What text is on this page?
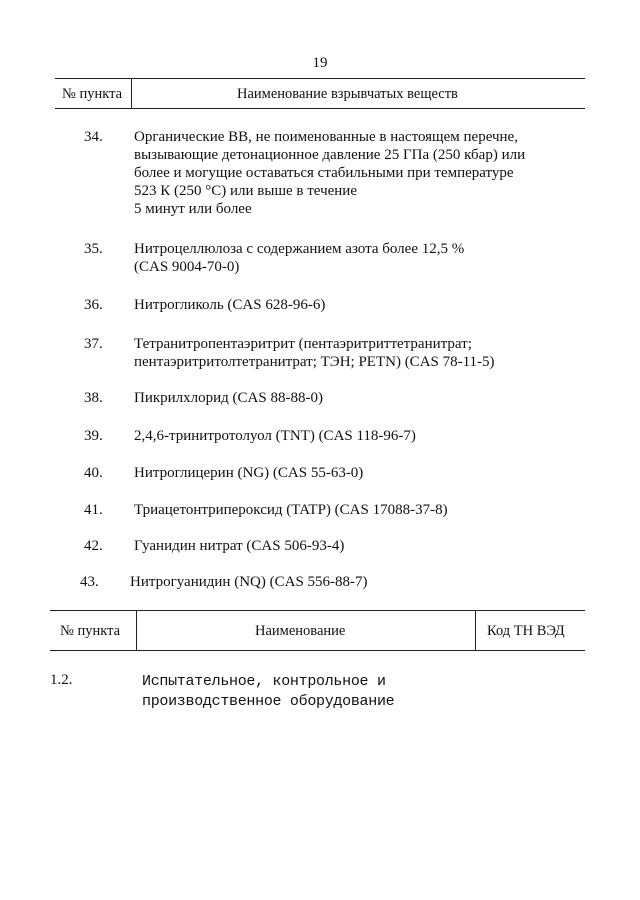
19
№ пункта	Наименование взрывчатых веществ
34. Органические ВВ, не поименованные в настоящем перечне,
вызывающие детонационное давление 25 ГПа (250 кбар) или
более и могущие оставаться стабильными при температуре
523 К (250 °С) или выше в течение
5 минут или более
35. Нитроцеллюлоза с содержанием азота более 12,5 %
(CAS 9004-70-0)
36. Нитрогликоль (CAS 628-96-6)
37. Тетранитропентаэритрит (пентаэритриттетранитрат;
пентаэритритолтетранитрат; ТЭН; PETN) (CAS 78-11-5)
38. Пикрилхлорид (CAS 88-88-0)
39. 2,4,6-тринитротолуол (TNT) (CAS 118-96-7)
40. Нитроглицерин (NG) (CAS 55-63-0)
41. Триацетонтрипероксид (TATP) (CAS 17088-37-8)
42. Гуанидин нитрат (CAS 506-93-4)
43. Нитрогуанидин (NQ) (CAS 556-88-7)
№ пункта	Наименование	Код ТН ВЭД
1.2.	Испытательное, контрольное и
производственное оборудование
